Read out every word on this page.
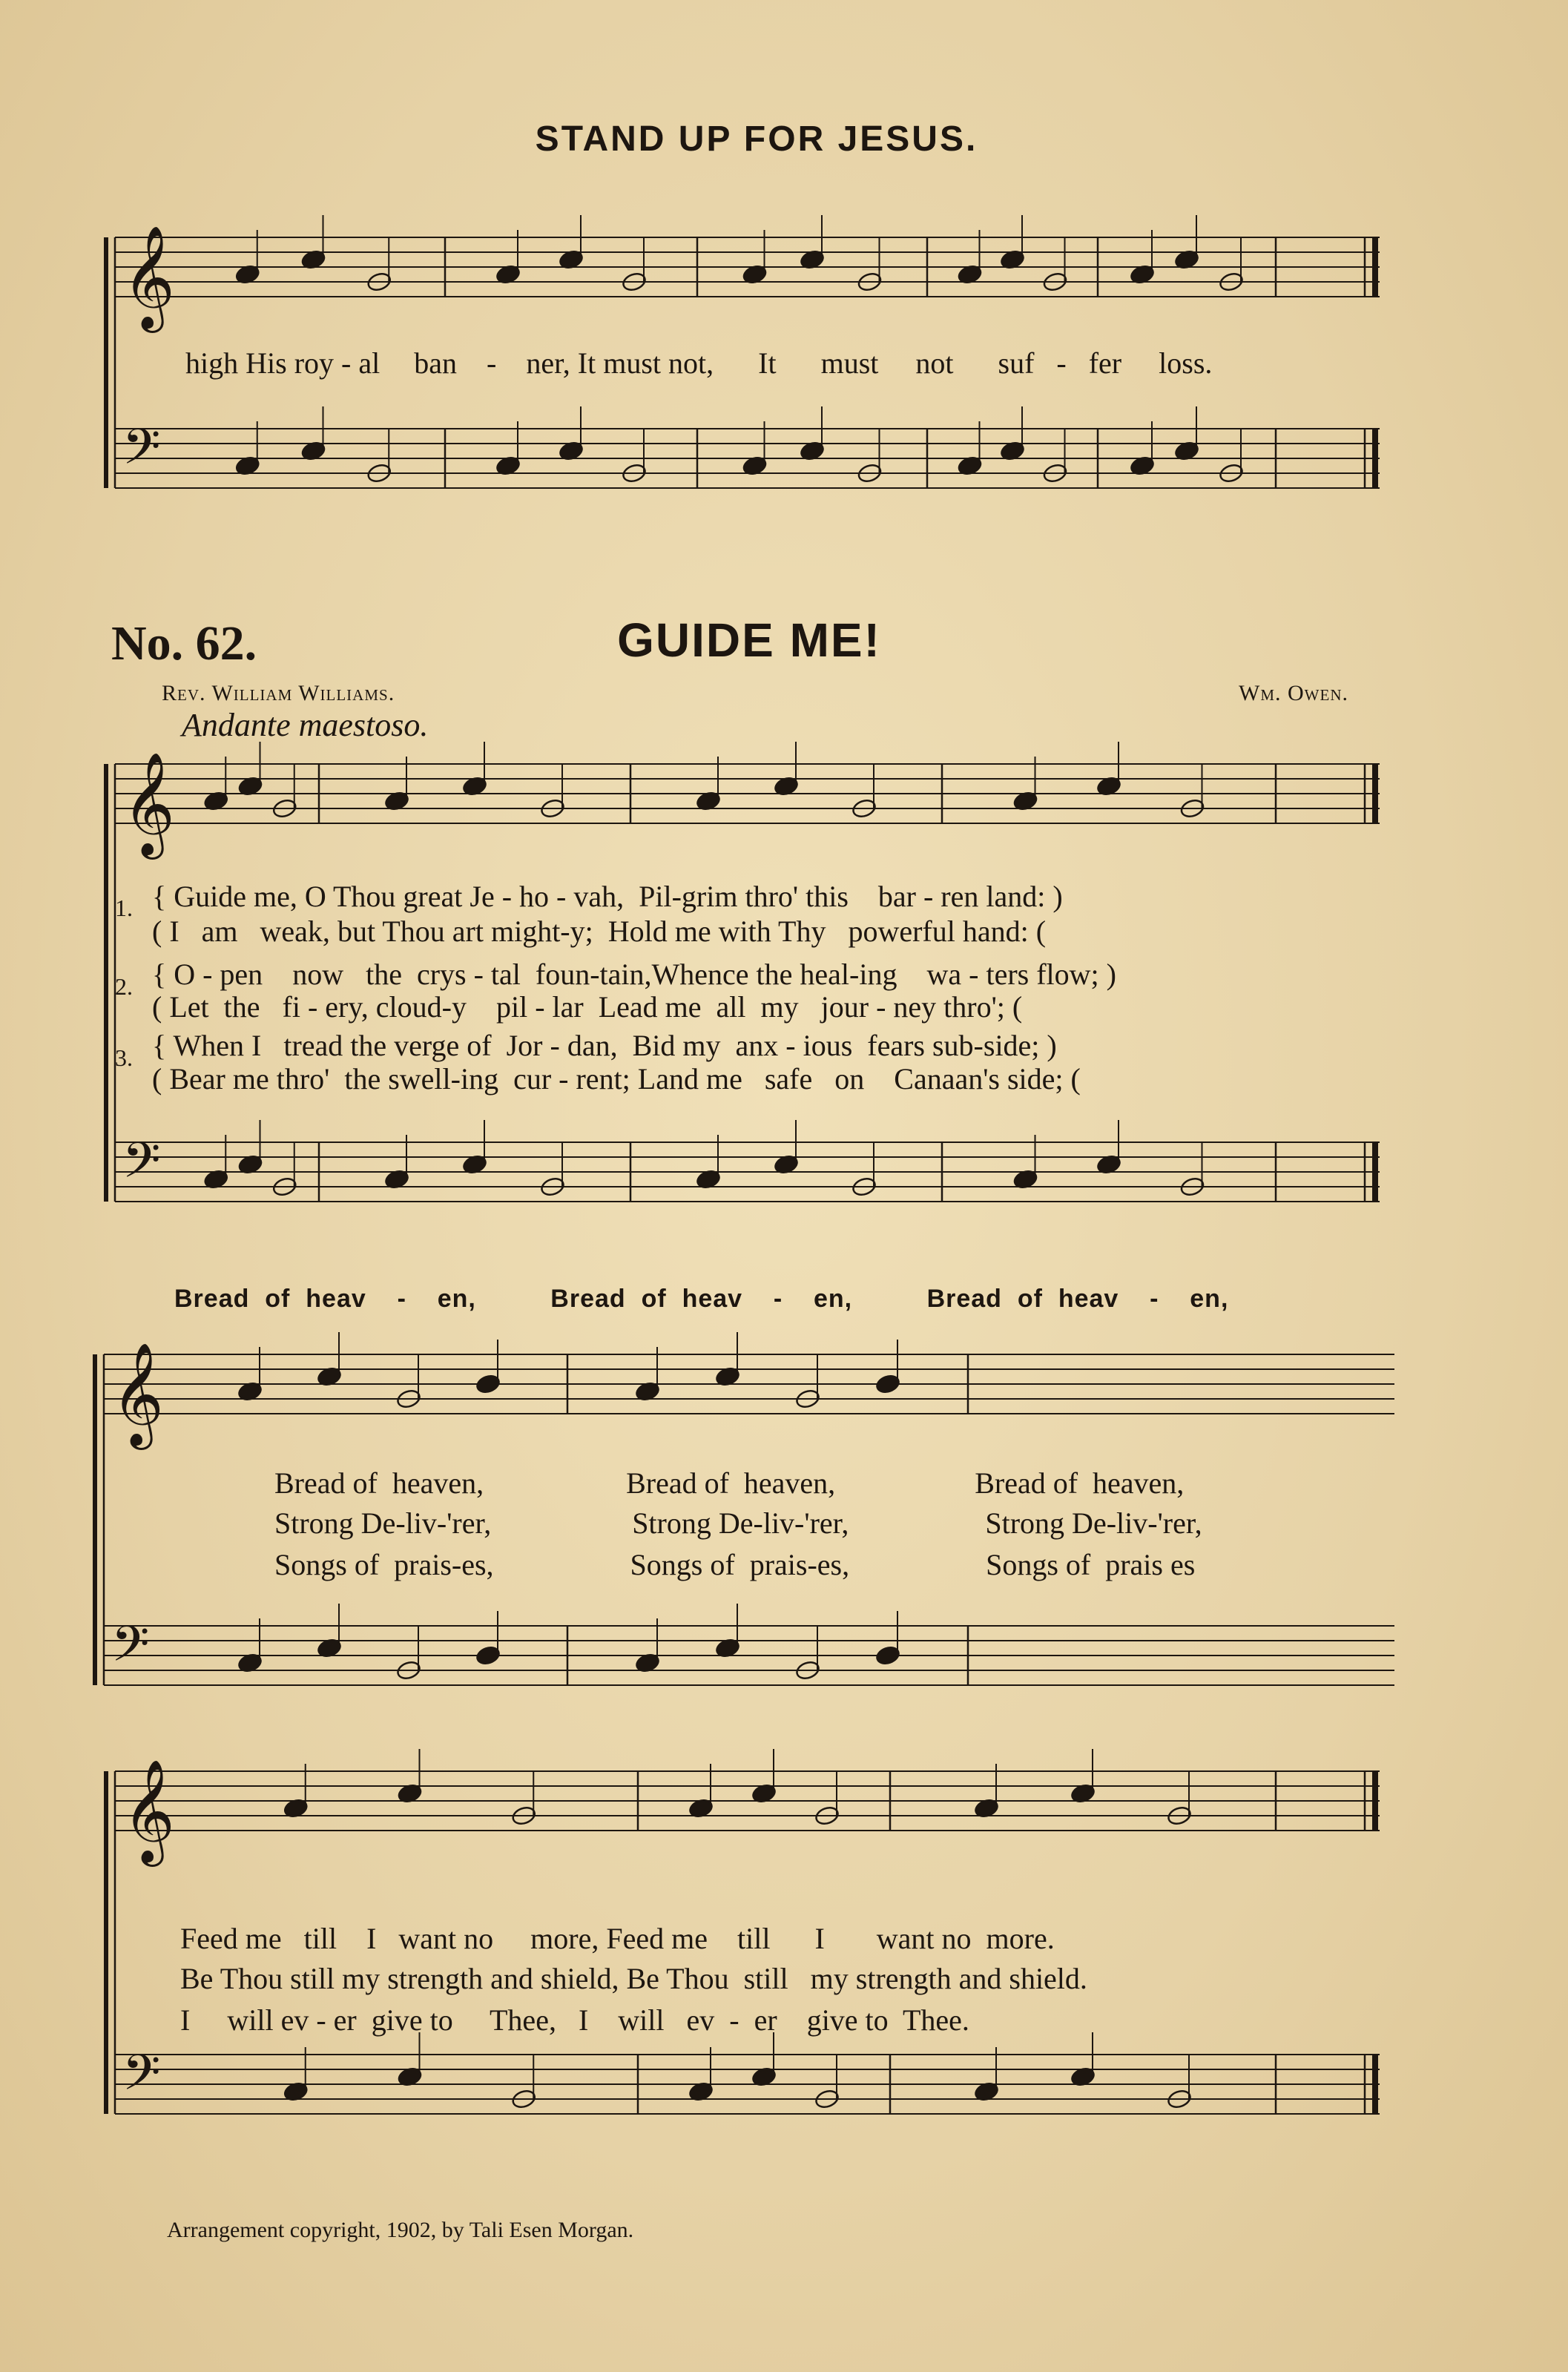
STAND UP FOR JESUS.
𝄞
𝄢
𝄞
𝄢
𝄞
𝄢
𝄞
𝄢
high His roy - al ban - ner, It must not, It must not suf - fer loss.
No. 62.	GUIDE ME!
Rev. William Williams.	Wm. Owen.
Andante maestoso.
1.
2.
3.
{ Guide me, O Thou great Je - ho - vah, Pil-grim thro' this bar - ren land: )
( I am weak, but Thou art might-y; Hold me with Thy powerful hand: (
{ O - pen now the crys - tal foun-tain,Whence the heal-ing wa - ters flow; )
( Let the fi - ery, cloud-y pil - lar Lead me all my jour - ney thro'; (
{ When I tread the verge of Jor - dan, Bid my anx - ious fears sub-side; )
( Bear me thro' the swell-ing cur - rent; Land me safe on Canaan's side; (
Bread of heav - en,	Bread of heav - en,	Bread of heav - en,
Bread of heaven,	Bread of heaven,	Bread of heaven,
Strong De-liv-'rer,	Strong De-liv-'rer,	Strong De-liv-'rer,
Songs of prais-es,	Songs of prais-es,	Songs of prais es
Feed me till I want no more, Feed me till I want no more.
Be Thou still my strength and shield, Be Thou still my strength and shield.
I will ev - er give to Thee, I will ev - er give to Thee.
Arrangement copyright, 1902, by Tali Esen Morgan.
